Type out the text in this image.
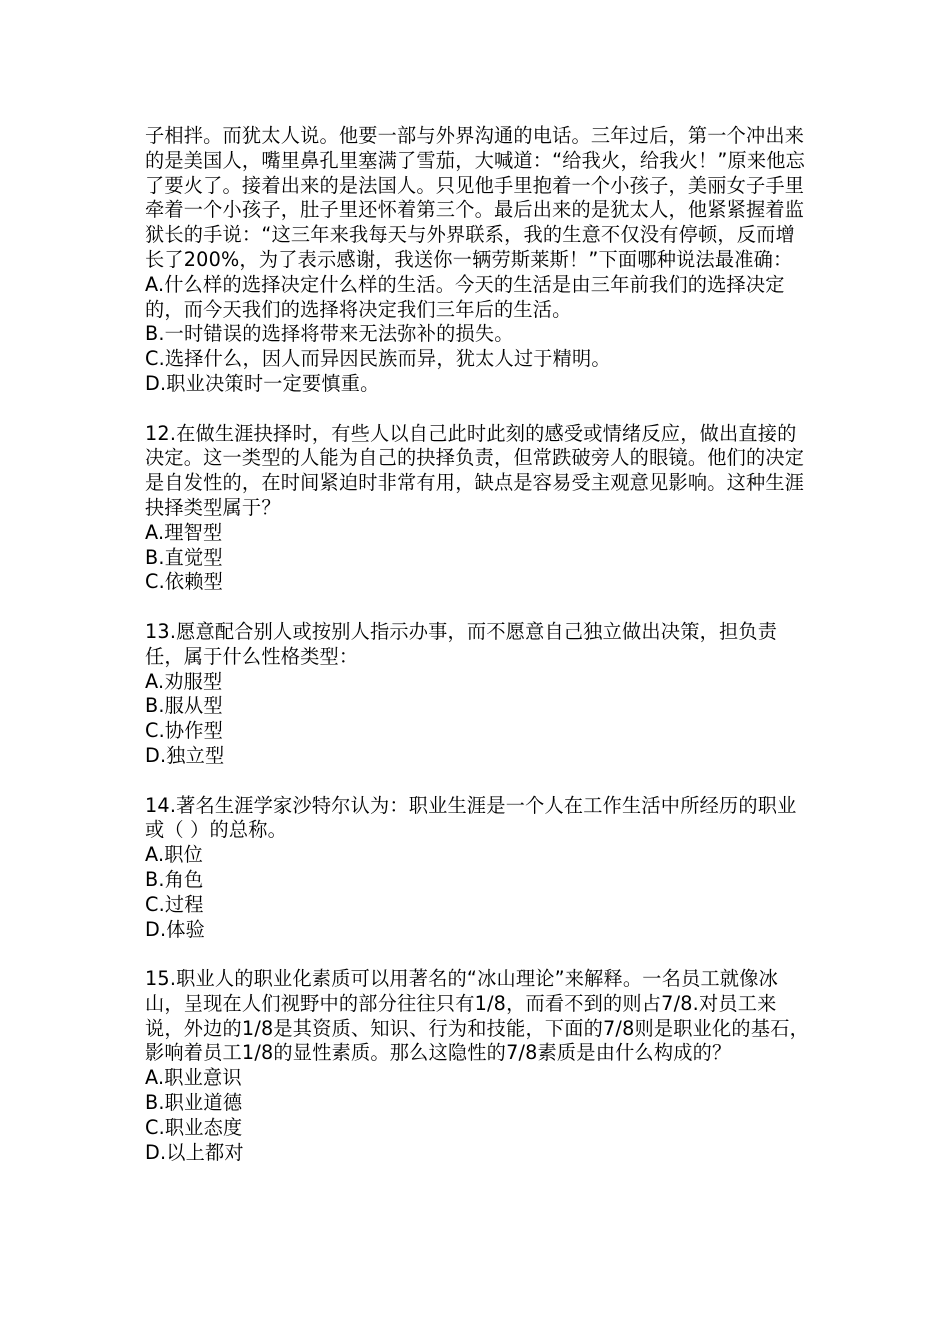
子相拌。而犹太人说。他要一部与外界沟通的电话。三年过后，第一个冲出来的是美国人，嘴里鼻孔里塞满了雪茄，大喊道：“给我火，给我火！”原来他忘了要火了。接着出来的是法国人。只见他手里抱着一个小孩子，美丽女子手里牵着一个小孩子，肚子里还怀着第三个。最后出来的是犹太人，他紧紧握着监狱长的手说：“这三年来我每天与外界联系，我的生意不仅没有停顿，反而增长了200%，为了表示感谢，我送你一辆劳斯莱斯！”下面哪种说法最准确：

A.什么样的选择决定什么样的生活。今天的生活是由三年前我们的选择决定的，而今天我们的选择将决定我们三年后的生活。

B.一时错误的选择将带来无法弥补的损失。

C.选择什么，因人而异因民族而异，犹太人过于精明。

D.职业决策时一定要慎重。

12.在做生涯抉择时，有些人以自己此时此刻的感受或情绪反应，做出直接的决定。这一类型的人能为自己的抉择负责，但常跌破旁人的眼镜。他们的决定是自发性的，在时间紧迫时非常有用，缺点是容易受主观意见影响。这种生涯抉择类型属于？

A.理智型

B.直觉型

C.依赖型

13.愿意配合别人或按别人指示办事，而不愿意自己独立做出决策，担负责任，属于什么性格类型：

A.劝服型

B.服从型

C.协作型

D.独立型

14.著名生涯学家沙特尔认为：职业生涯是一个人在工作生活中所经历的职业或（ ）的总称。

A.职位

B.角色

C.过程

D.体验

15.职业人的职业化素质可以用著名的“冰山理论”来解释。一名员工就像冰山，呈现在人们视野中的部分往往只有1/8，而看不到的则占7/8.对员工来说，外边的1/8是其资质、知识、行为和技能，下面的7/8则是职业化的基石，影响着员工1/8的显性素质。那么这隐性的7/8素质是由什么构成的？

A.职业意识

B.职业道德

C.职业态度

D.以上都对
